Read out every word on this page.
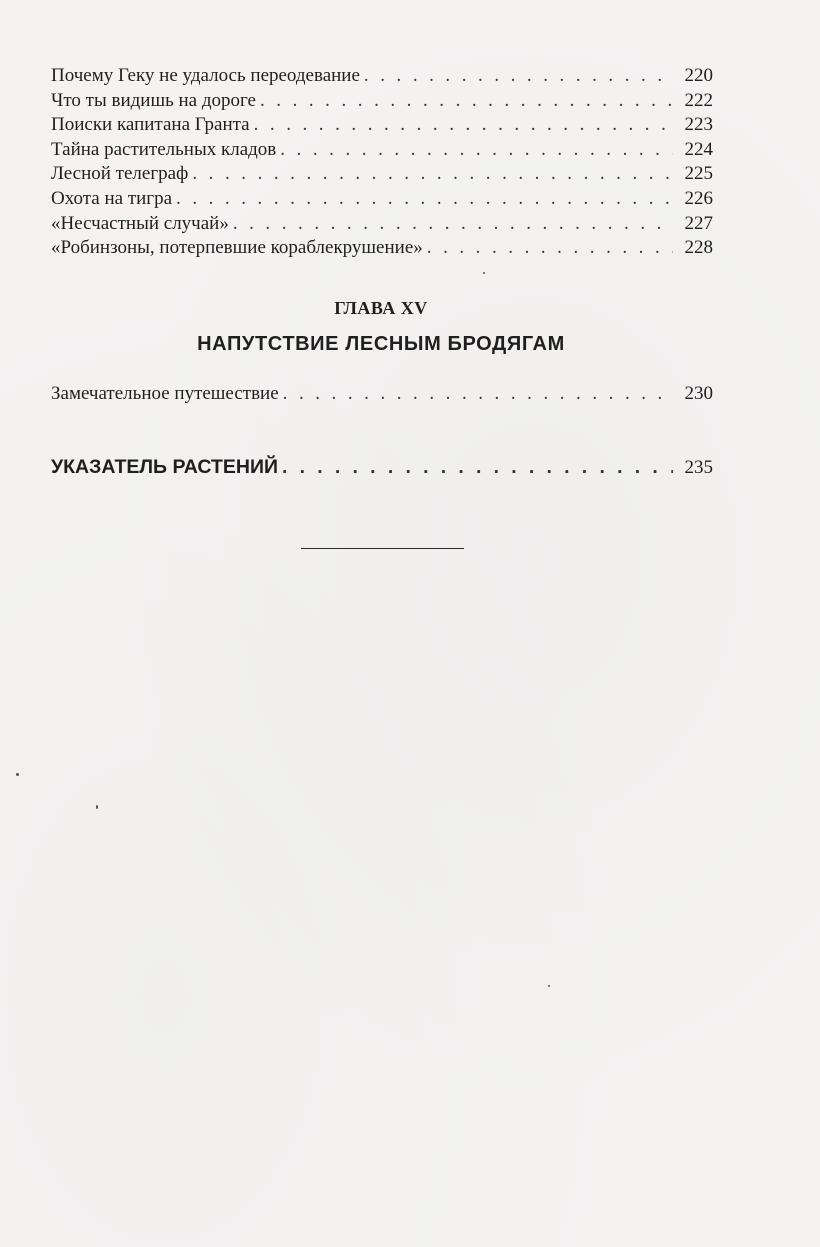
Почему Геку не удалось переодевание . . .	220
Что ты видишь на дороге . . .	222
Поиски капитана Гранта . . .	223
Тайна растительных кладов . . .	224
Лесной телеграф . . .	225
Охота на тигра . . .	226
«Несчастный случай» . . .	227
«Робинзоны, потерпевшие кораблекрушение» . . .	228
ГЛАВА XV
НАПУТСТВИЕ ЛЕСНЫМ БРОДЯГАМ
Замечательное путешествие . . .	230
УКАЗАТЕЛЬ РАСТЕНИЙ . . .	235
